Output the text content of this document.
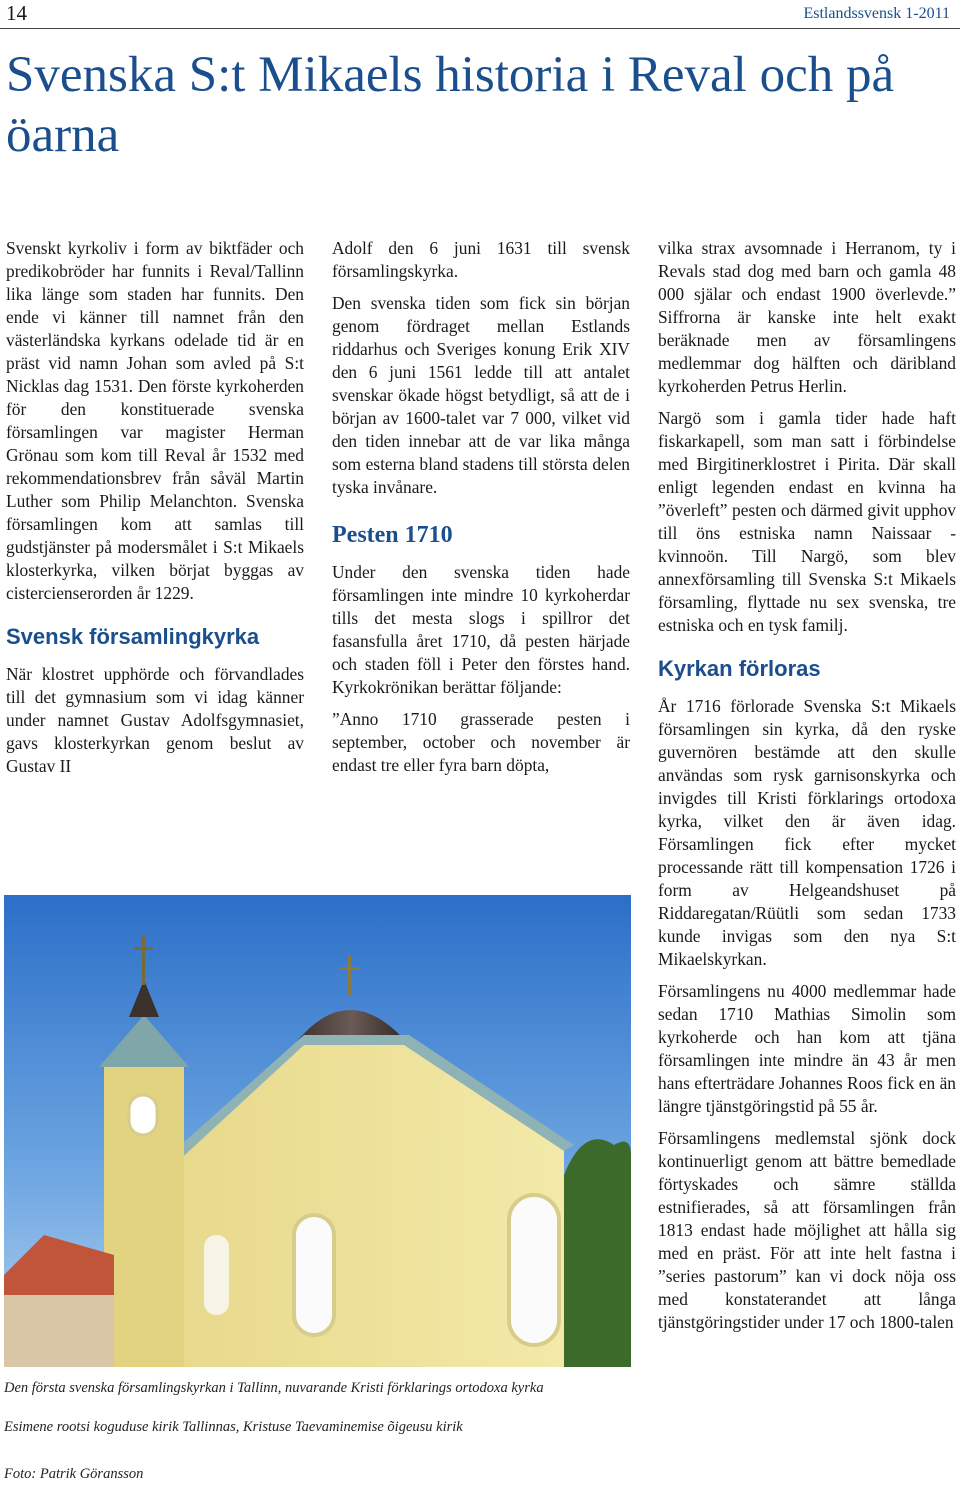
14	Estlandssvensk 1-2011
Svenska S:t Mikaels historia i Reval och på öarna

Svenskt kyrkoliv i form av biktfäder och predikobröder har funnits i Reval/Tallinn lika länge som staden har funnits. Den ende vi känner till namnet från den västerländska kyrkans odelade tid är en präst vid namn Johan som avled på S:t Nicklas dag 1531. Den förste kyrkoherden för den konstituerade svenska församlingen var magister Herman Grönau som kom till Reval år 1532 med rekommendationsbrev från såväl Martin Luther som Philip Melanchton. Svenska församlingen kom att samlas till gudstjänster på modersmålet i S:t Mikaels klosterkyrka, vilken börjat byggas av cistercienserorden år 1229.

Svensk församlingkyrka

När klostret upphörde och förvandlades till det gymnasium som vi idag känner under namnet Gustav Adolfsgymnasiet, gavs klosterkyrkan genom beslut av Gustav II

Adolf den 6 juni 1631 till svensk församlingskyrka.

Den svenska tiden som fick sin början genom fördraget mellan Estlands riddarhus och Sveriges konung Erik XIV den 6 juni 1561 ledde till att antalet svenskar ökade högst betydligt, så att de i början av 1600-talet var 7 000, vilket vid den tiden innebar att de var lika många som esterna bland stadens till största delen tyska invånare.

Pesten 1710

Under den svenska tiden hade församlingen inte mindre 10 kyrkoherdar tills det mesta slogs i spillror det fasansfulla året 1710, då pesten härjade och staden föll i Peter den förstes hand. Kyrkokrönikan berättar följande:

”Anno 1710 grasserade pesten i september, october och november är endast tre eller fyra barn döpta,

vilka strax avsomnade i Herranom, ty i Revals stad dog med barn och gamla 48 000 själar och endast 1900 överlevde.” Siffrorna är kanske inte helt exakt beräknade men av församlingens medlemmar dog hälften och däribland kyrkoherden Petrus Herlin.

Nargö som i gamla tider hade haft fiskarkapell, som man satt i förbindelse med Birgitinerklostret i Pirita. Där skall enligt legenden endast en kvinna ha ”överleft” pesten och därmed givit upphov till öns estniska namn Naissaar - kvinnoön. Till Nargö, som blev annexförsamling till Svenska S:t Mikaels församling, flyttade nu sex svenska, tre estniska och en tysk familj.

Kyrkan förloras

År 1716 förlorade Svenska S:t Mikaels församlingen sin kyrka, då den ryske guvernören bestämde att den skulle användas som rysk garnisonskyrka och invigdes till Kristi förklarings ortodoxa kyrka, vilket den är även idag. Församlingen fick efter mycket processande rätt till kompensation 1726 i form av Helgeandshuset på Riddaregatan/Rüütli som sedan 1733 kunde invigas som den nya S:t Mikaelskyrkan.

Församlingens nu 4000 medlemmar hade sedan 1710 Mathias Simolin som kyrkoherde och han kom att tjäna församlingen inte mindre än 43 år men hans efterträdare Johannes Roos fick en än längre tjänstgöringstid på 55 år.

Församlingens medlemstal sjönk dock kontinuerligt genom att bättre bemedlade förtyskades och sämre ställda estnifierades, så att församlingen från 1813 endast hade möjlighet att hålla sig med en präst. För att inte helt fastna i ”series pastorum” kan vi dock nöja oss med konstaterandet att långa tjänstgöringstider under 17 och 1800-talen

Den första svenska församlingskyrkan i Tallinn, nuvarande Kristi förklarings ortodoxa kyrka
Esimene rootsi koguduse kirik Tallinnas, Kristuse Taevaminemise õigeusu kirik
Foto: Patrik Göransson
